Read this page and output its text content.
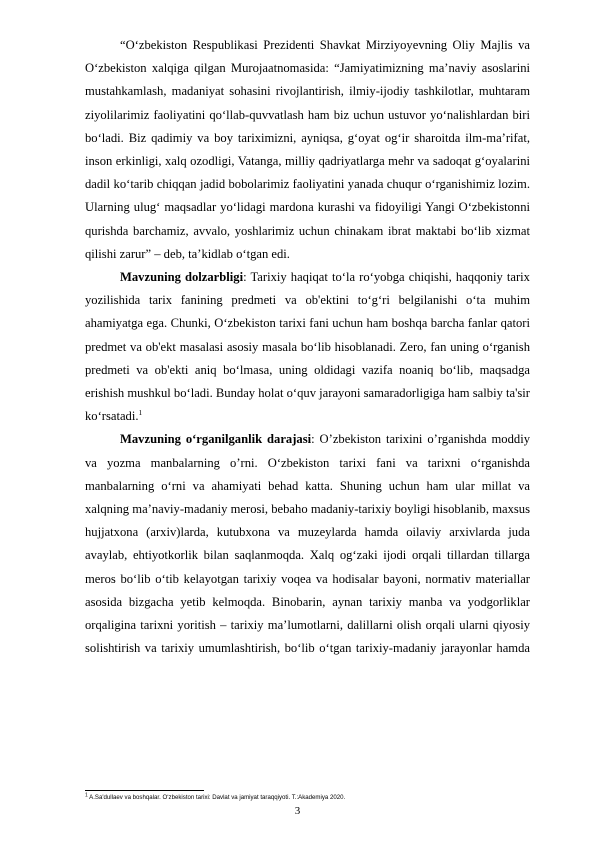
“O‘zbekiston Respublikasi Prezidenti Shavkat Mirziyoyevning Oliy Majlis va O‘zbekiston xalqiga qilgan Murojaatnomasida: “Jamiyatimizning ma’naviy asoslarini mustahkamlash, madaniyat sohasini rivojlantirish, ilmiy-ijodiy tashkilotlar, muhtaram ziyolilarimiz faoliyatini qo‘llab-quvvatlash ham biz uchun ustuvor yo‘nalishlardan biri bo‘ladi. Biz qadimiy va boy tariximizni, ayniqsa, g‘oyat og‘ir sharoitda ilm-ma’rifat, inson erkinligi, xalq ozodligi, Vatanga, milliy qadriyatlarga mehr va sadoqat g‘oyalarini dadil ko‘tarib chiqqan jadid bobolarimiz faoliyatini yanada chuqur o‘rganishimiz lozim. Ularning ulug‘ maqsadlar yo‘lidagi mardona kurashi va fidoyiligi Yangi O‘zbekistonni qurishda barchamiz, avvalo, yoshlarimiz uchun chinakam ibrat maktabi bo‘lib xizmat qilishi zarur” – deb, ta’kidlab o‘tgan edi.

Mavzuning dolzarbligi: Tarixiy haqiqat to‘la ro‘yobga chiqishi, haqqoniy tarix yozilishida tarix fanining predmeti va ob'ektini to‘g‘ri belgilanishi o‘ta muhim ahamiyatga ega. Chunki, O‘zbekiston tarixi fani uchun ham boshqa barcha fanlar qatori predmet va ob'ekt masalasi asosiy masala bo‘lib hisoblanadi. Zero, fan uning o‘rganish predmeti va ob'ekti aniq bo‘lmasa, uning oldidagi vazifa noaniq bo‘lib, maqsadga erishish mushkul bo‘ladi. Bunday holat o‘quv jarayoni samaradorligiga ham salbiy ta'sir ko‘rsatadi.$^1$

Mavzuning o‘rganilganlik darajasi: O’zbekiston tarixini o’rganishda moddiy va yozma manbalarning o’rni. O‘zbekiston tarixi fani va tarixni o‘rganishda manbalarning o‘rni va ahamiyati behad katta. Shuning uchun ham ular millat va xalqning ma’naviy-madaniy merosi, bebaho madaniy-tarixiy boyligi hisoblanib, maxsus hujjatxona (arxiv)larda, kutubxona va muzeylarda hamda oilaviy arxivlarda juda avaylab, ehtiyotkorlik bilan saqlanmoqda. Xalq og‘zaki ijodi orqali tillardan tillarga meros bo‘lib o‘tib kelayotgan tarixiy voqea va hodisalar bayoni, normativ materiallar asosida bizgacha yetib kelmoqda. Binobarin, aynan tarixiy manba va yodgorliklar orqaligina tarixni yoritish – tarixiy ma’lumotlarni, dalillarni olish orqali ularni qiyosiy solishtirish va tarixiy umumlashtirish, bo‘lib o‘tgan tarixiy-madaniy jarayonlar hamda

$^1$ A.Sa'dullaev va boshqalar. O‘zbekiston tarixi: Davlat va jamiyat taraqqiyoti. T.:Akademiya 2020.
3
